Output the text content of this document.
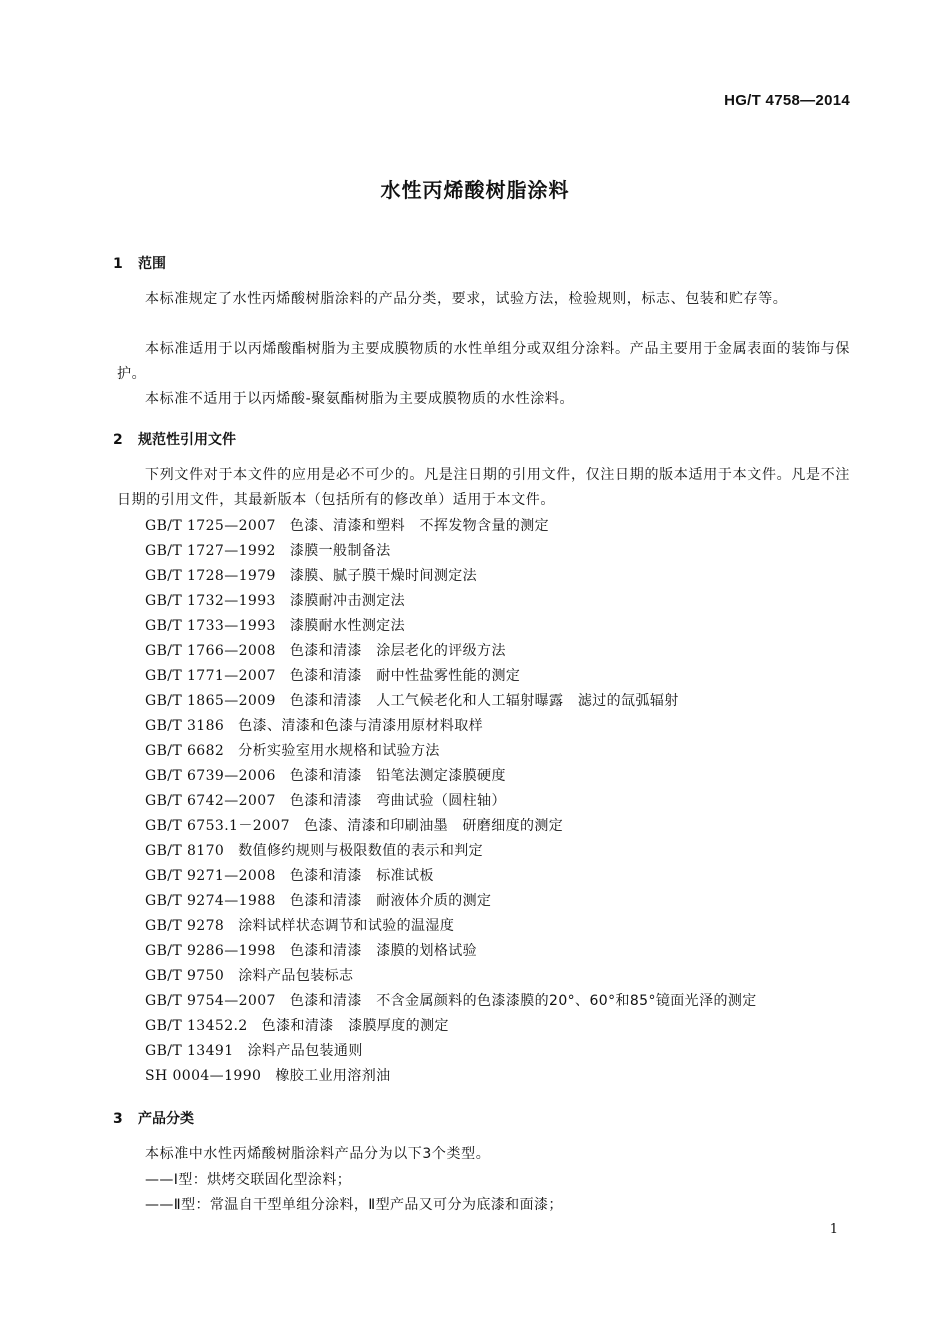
HG/T 4758—2014
水性丙烯酸树脂涂料
1 范围
本标准规定了水性丙烯酸树脂涂料的产品分类，要求，试验方法，检验规则，标志、包装和贮存等。
本标准适用于以丙烯酸酯树脂为主要成膜物质的水性单组分或双组分涂料。产品主要用于金属表面的装饰与保护。
本标准不适用于以丙烯酸-聚氨酯树脂为主要成膜物质的水性涂料。
2 规范性引用文件
下列文件对于本文件的应用是必不可少的。凡是注日期的引用文件，仅注日期的版本适用于本文件。凡是不注日期的引用文件，其最新版本（包括所有的修改单）适用于本文件。
GB/T 1725—2007 色漆、清漆和塑料　不挥发物含量的测定
GB/T 1727—1992 漆膜一般制备法
GB/T 1728—1979 漆膜、腻子膜干燥时间测定法
GB/T 1732—1993 漆膜耐冲击测定法
GB/T 1733—1993 漆膜耐水性测定法
GB/T 1766—2008 色漆和清漆　涂层老化的评级方法
GB/T 1771—2007 色漆和清漆　耐中性盐雾性能的测定
GB/T 1865—2009 色漆和清漆　人工气候老化和人工辐射曝露　滤过的氙弧辐射
GB/T 3186 色漆、清漆和色漆与清漆用原材料取样
GB/T 6682 分析实验室用水规格和试验方法
GB/T 6739—2006 色漆和清漆　铅笔法测定漆膜硬度
GB/T 6742—2007 色漆和清漆　弯曲试验（圆柱轴）
GB/T 6753.1－2007 色漆、清漆和印刷油墨　研磨细度的测定
GB/T 8170 数值修约规则与极限数值的表示和判定
GB/T 9271—2008 色漆和清漆　标准试板
GB/T 9274—1988 色漆和清漆　耐液体介质的测定
GB/T 9278 涂料试样状态调节和试验的温湿度
GB/T 9286—1998 色漆和清漆　漆膜的划格试验
GB/T 9750 涂料产品包装标志
GB/T 9754—2007 色漆和清漆　不含金属颜料的色漆漆膜的20°、60°和85°镜面光泽的测定
GB/T 13452.2 色漆和清漆　漆膜厚度的测定
GB/T 13491 涂料产品包装通则
SH 0004—1990 橡胶工业用溶剂油
3 产品分类
本标准中水性丙烯酸树脂涂料产品分为以下3个类型。
——Ⅰ型：烘烤交联固化型涂料；
——Ⅱ型：常温自干型单组分涂料，Ⅱ型产品又可分为底漆和面漆；
1
